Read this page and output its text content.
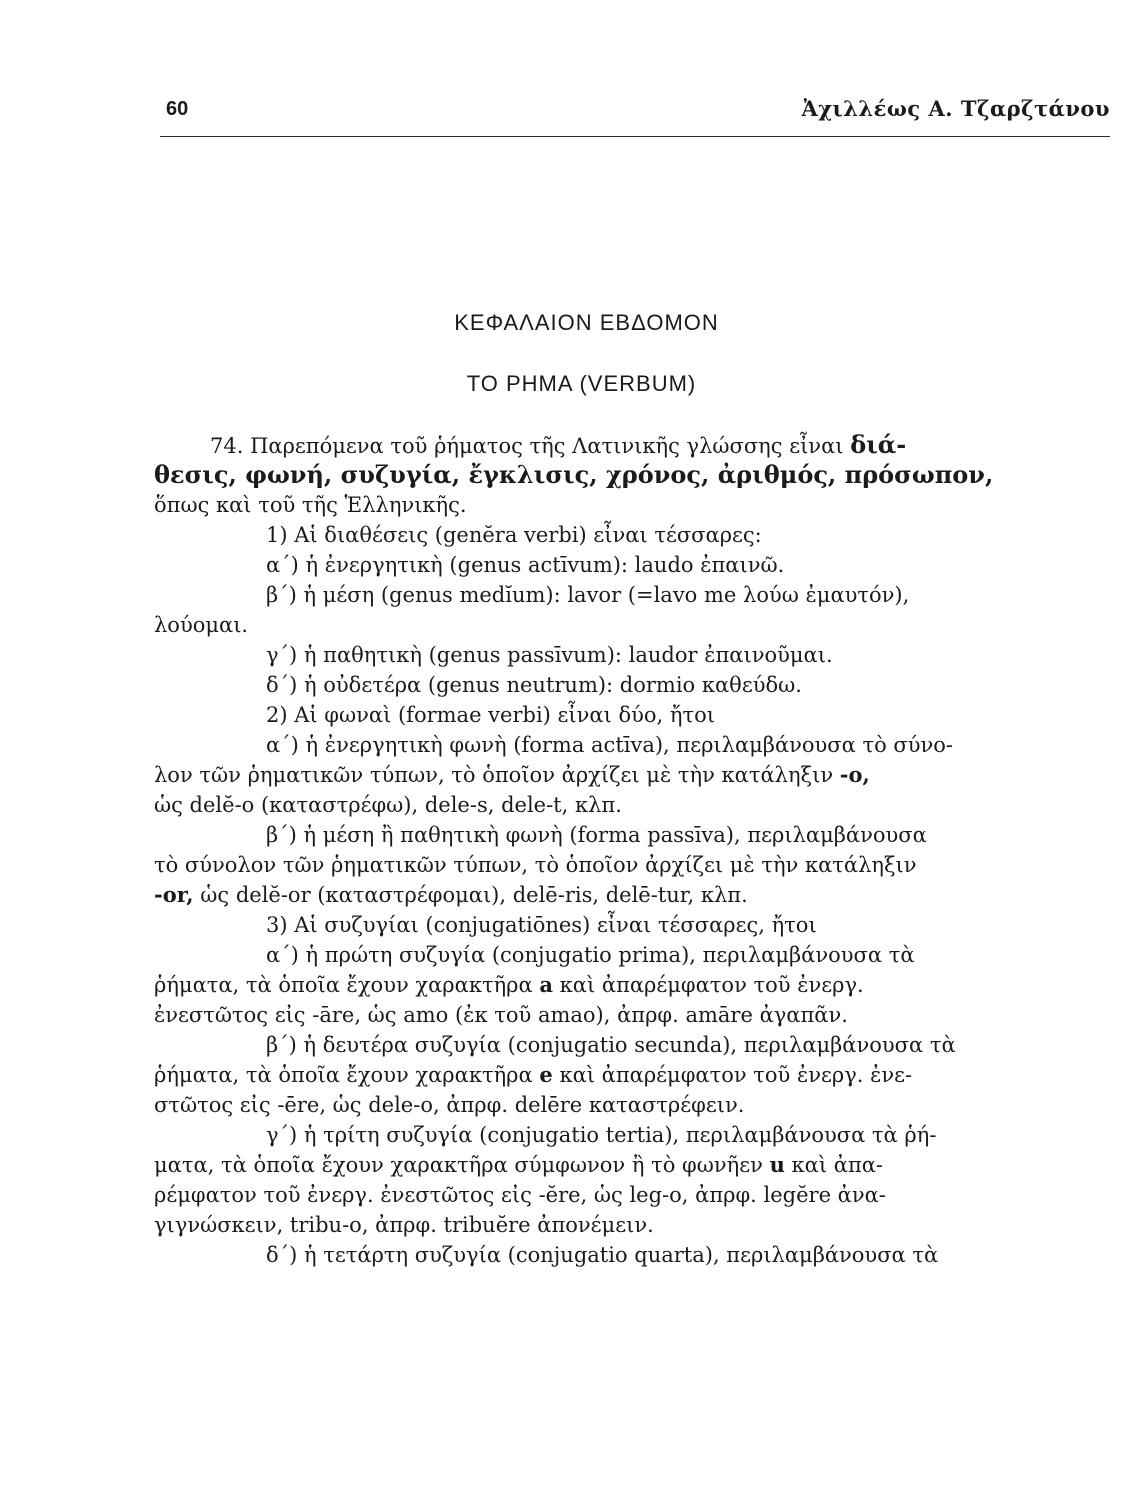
60	Ἀχιλλέως Α. Τζαρζτάνου
ΚΕΦΑΛΑΙΟΝ ΕΒΔΟΜΟΝ
ΤΟ ΡΗΜΑ (VERBUM)
74. Παρεπόμενα τοῦ ῥήματος τῆς Λατινικῆς γλώσσης εἶναι διά-
θεσις, φωνή, συζυγία, ἔγκλισις, χρόνος, ἀριθμός, πρόσωπον,
ὅπως καὶ τοῦ τῆς Ἑλληνικῆς.
1) Αἱ διαθέσεις (genĕra verbi) εἶναι τέσσαρες:
α´) ἡ ἐνεργητικὴ (genus actīvum): laudo ἐπαινῶ.
β´) ἡ μέση (genus medĭum): lavor (=lavo me λούω ἐμαυτόν),
λούομαι.
γ´) ἡ παθητικὴ (genus passīvum): laudor ἐπαινοῦμαι.
δ´) ἡ οὐδετέρα (genus neutrum): dormio καθεύδω.
2) Αἱ φωναὶ (formae verbi) εἶναι δύο, ἤτοι
α´) ἡ ἐνεργητικὴ φωνὴ (forma actīva), περιλαμβάνουσα τὸ σύνο-
λον τῶν ῥηματικῶν τύπων, τὸ ὁποῖον ἀρχίζει μὲ τὴν κατάληξιν -o,
ὡς delĕ-o (καταστρέφω), dele-s, dele-t, κλπ.
β´) ἡ μέση ἢ παθητικὴ φωνὴ (forma passīva), περιλαμβάνουσα
τὸ σύνολον τῶν ῥηματικῶν τύπων, τὸ ὁποῖον ἀρχίζει μὲ τὴν κατάληξιν
-or, ὡς delĕ-or (καταστρέφομαι), delē-ris, delē-tur, κλπ.
3) Αἱ συζυγίαι (conjugatiōnes) εἶναι τέσσαρες, ἤτοι
α´) ἡ πρώτη συζυγία (conjugatio prima), περιλαμβάνουσα τὰ
ῥήματα, τὰ ὁποῖα ἔχουν χαρακτῆρα a καὶ ἀπαρέμφατον τοῦ ἐνεργ.
ἐνεστῶτος εἰς -āre, ὡς amo (ἐκ τοῦ amao), ἀπρφ. amāre ἀγαπᾶν.
β´) ἡ δευτέρα συζυγία (conjugatio secunda), περιλαμβάνουσα τὰ
ῥήματα, τὰ ὁποῖα ἔχουν χαρακτῆρα e καὶ ἀπαρέμφατον τοῦ ἐνεργ. ἐνε-
στῶτος εἰς -ēre, ὡς dele-o, ἀπρφ. delēre καταστρέφειν.
γ´) ἡ τρίτη συζυγία (conjugatio tertia), περιλαμβάνουσα τὰ ῥή-
ματα, τὰ ὁποῖα ἔχουν χαρακτῆρα σύμφωνον ἢ τὸ φωνῆεν u καὶ ἀπα-
ρέμφατον τοῦ ἐνεργ. ἐνεστῶτος εἰς -ĕre, ὡς leg-o, ἀπρφ. legĕre ἀνα-
γιγνώσκειν, tribu-o, ἀπρφ. tribuĕre ἀπονέμειν.
δ´) ἡ τετάρτη συζυγία (conjugatio quarta), περιλαμβάνουσα τὰ
